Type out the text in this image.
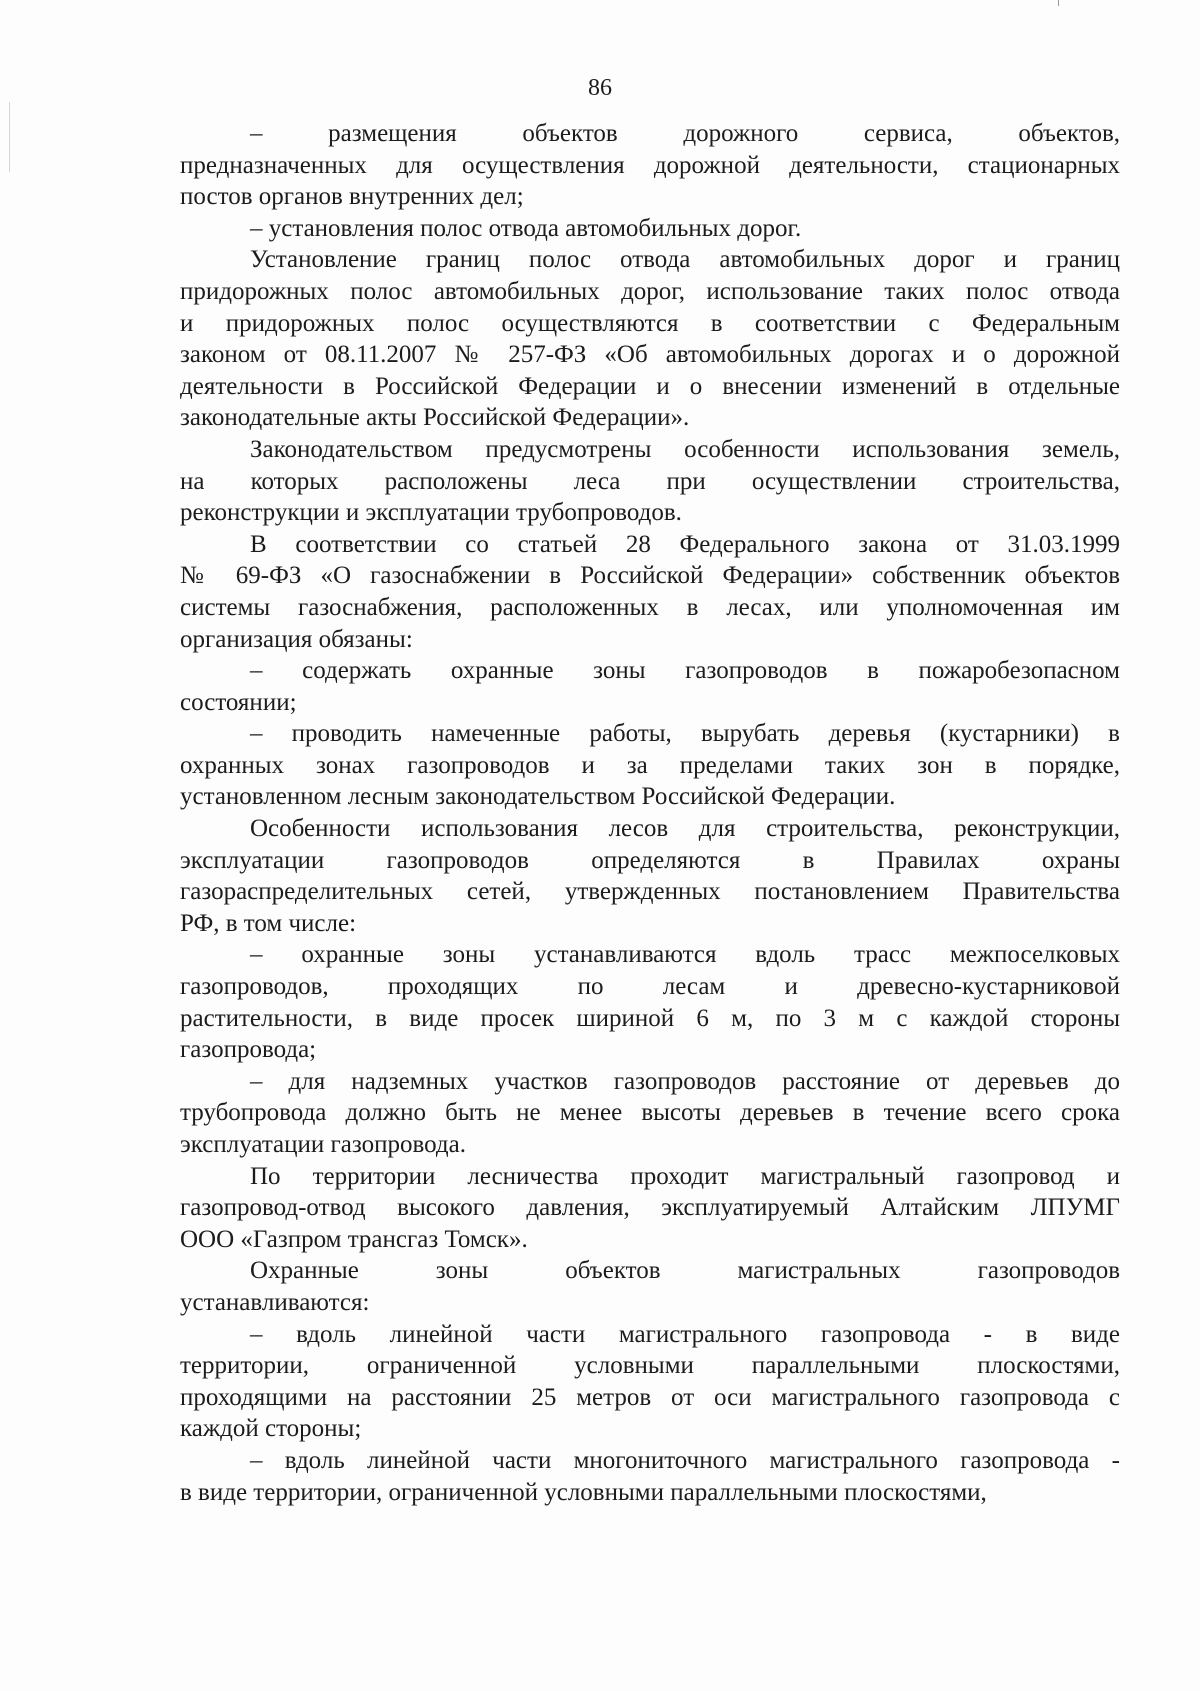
86
– размещения объектов дорожного сервиса, объектов,
предназначенных для осуществления дорожной деятельности, стационарных
постов органов внутренних дел;
– установления полос отвода автомобильных дорог.
Установление границ полос отвода автомобильных дорог и границ
придорожных полос автомобильных дорог, использование таких полос отвода
и придорожных полос осуществляются в соответствии с Федеральным
законом от 08.11.2007 № 257-ФЗ «Об автомобильных дорогах и о дорожной
деятельности в Российской Федерации и о внесении изменений в отдельные
законодательные акты Российской Федерации».
Законодательством предусмотрены особенности использования земель,
на которых расположены леса при осуществлении строительства,
реконструкции и эксплуатации трубопроводов.
В соответствии со статьей 28 Федерального закона от 31.03.1999
№ 69-ФЗ «О газоснабжении в Российской Федерации» собственник объектов
системы газоснабжения, расположенных в лесах, или уполномоченная им
организация обязаны:
– содержать охранные зоны газопроводов в пожаробезопасном
состоянии;
– проводить намеченные работы, вырубать деревья (кустарники) в
охранных зонах газопроводов и за пределами таких зон в порядке,
установленном лесным законодательством Российской Федерации.
Особенности использования лесов для строительства, реконструкции,
эксплуатации газопроводов определяются в Правилах охраны
газораспределительных сетей, утвержденных постановлением Правительства
РФ, в том числе:
– охранные зоны устанавливаются вдоль трасс межпоселковых
газопроводов, проходящих по лесам и древесно-кустарниковой
растительности, в виде просек шириной 6 м, по 3 м с каждой стороны
газопровода;
– для надземных участков газопроводов расстояние от деревьев до
трубопровода должно быть не менее высоты деревьев в течение всего срока
эксплуатации газопровода.
По территории лесничества проходит магистральный газопровод и
газопровод-отвод высокого давления, эксплуатируемый Алтайским ЛПУМГ
ООО «Газпром трансгаз Томск».
Охранные зоны объектов магистральных газопроводов
устанавливаются:
– вдоль линейной части магистрального газопровода - в виде
территории, ограниченной условными параллельными плоскостями,
проходящими на расстоянии 25 метров от оси магистрального газопровода с
каждой стороны;
– вдоль линейной части многониточного магистрального газопровода -
в виде территории, ограниченной условными параллельными плоскостями,
